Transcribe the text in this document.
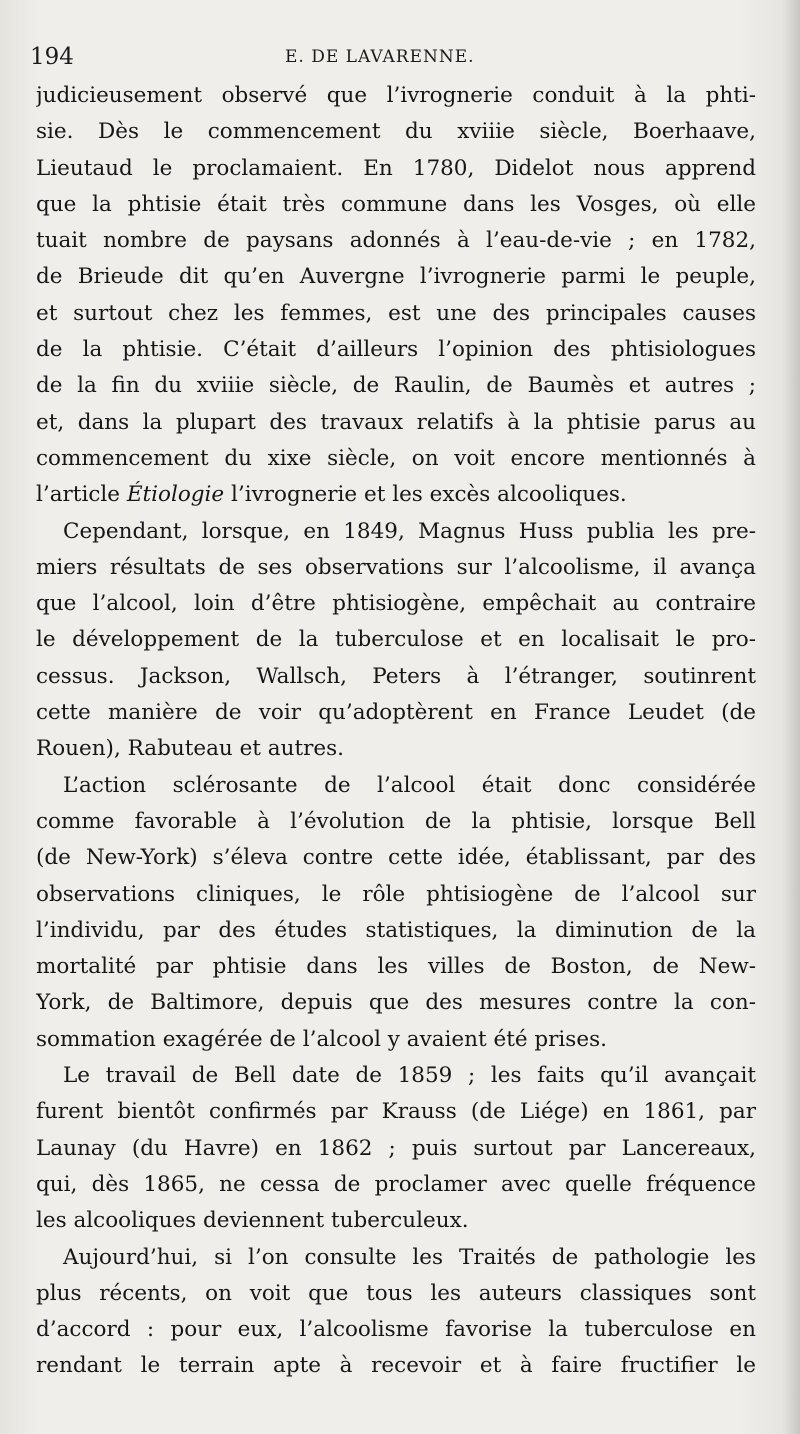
194	E. DE LAVARENNE.
judicieusement observé que l’ivrognerie conduit à la phti-
sie. Dès le commencement du xviiie siècle, Boerhaave,
Lieutaud le proclamaient. En 1780, Didelot nous apprend
que la phtisie était très commune dans les Vosges, où elle
tuait nombre de paysans adonnés à l’eau-de-vie ; en 1782,
de Brieude dit qu’en Auvergne l’ivrognerie parmi le peuple,
et surtout chez les femmes, est une des principales causes
de la phtisie. C’était d’ailleurs l’opinion des phtisiologues
de la fin du xviiie siècle, de Raulin, de Baumès et autres ;
et, dans la plupart des travaux relatifs à la phtisie parus au
commencement du xixe siècle, on voit encore mentionnés à
l’article Étiologie l’ivrognerie et les excès alcooliques.
Cependant, lorsque, en 1849, Magnus Huss publia les pre-
miers résultats de ses observations sur l’alcoolisme, il avança
que l’alcool, loin d’être phtisiogène, empêchait au contraire
le développement de la tuberculose et en localisait le pro-
cessus. Jackson, Wallsch, Peters à l’étranger, soutinrent
cette manière de voir qu’adoptèrent en France Leudet (de
Rouen), Rabuteau et autres.
L’action sclérosante de l’alcool était donc considérée
comme favorable à l’évolution de la phtisie, lorsque Bell
(de New-York) s’éleva contre cette idée, établissant, par des
observations cliniques, le rôle phtisiogène de l’alcool sur
l’individu, par des études statistiques, la diminution de la
mortalité par phtisie dans les villes de Boston, de New-
York, de Baltimore, depuis que des mesures contre la con-
sommation exagérée de l’alcool y avaient été prises.
Le travail de Bell date de 1859 ; les faits qu’il avançait
furent bientôt confirmés par Krauss (de Liége) en 1861, par
Launay (du Havre) en 1862 ; puis surtout par Lancereaux,
qui, dès 1865, ne cessa de proclamer avec quelle fréquence
les alcooliques deviennent tuberculeux.
Aujourd’hui, si l’on consulte les Traités de pathologie les
plus récents, on voit que tous les auteurs classiques sont
d’accord : pour eux, l’alcoolisme favorise la tuberculose en
rendant le terrain apte à recevoir et à faire fructifier le
